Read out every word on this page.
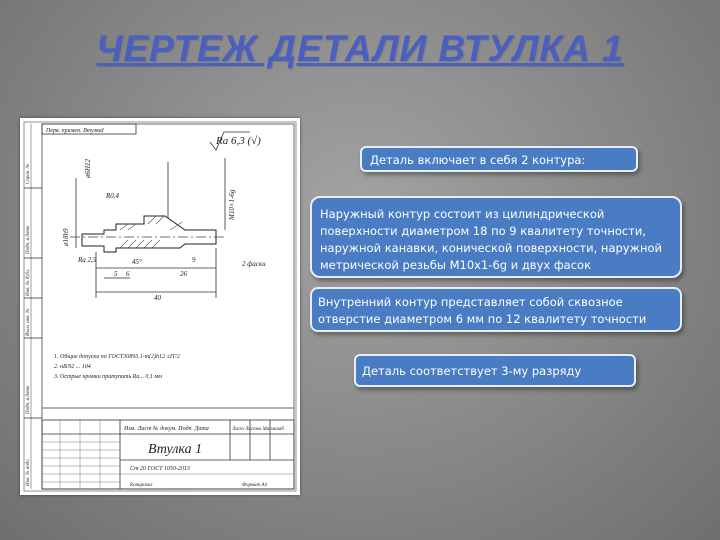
ЧЕРТЕЖ ДЕТАЛИ ВТУЛКА 1
Перв. примен. ВтулкаI
Ra 6,3 (√)
ø18h9
ø6H12
R0,4
Ra 2,5	45°	9
5 6	26
40
М10×1-6g
2 фаски
1. Общие допуски по ГОСТ30893.1-m(2)h12 ±IT/2
2. нВ/92 ... 104
3. Острые кромки притупить Ra... 0,1 мм
Изм. Лист № докум. Подп. Дата	Лист Листов Масштаб
Втулка 1
Ст 20 ГОСТ 1050-2013
Копировал	Формат А4
Справ. №
Подп. и дата
Инв. № дубл.
Взам. инв. №
Подп. и дата
Инв. № подл.
Деталь включает в себя 2 контура:
Наружный контур состоит из цилиндрической поверхности диаметром 18 по 9 квалитету точности, наружной канавки, конической поверхности, наружной метрической резьбы М10х1-6g и двух фасок
Внутренний контур представляет собой сквозное отверстие диаметром 6 мм по 12 квалитету точности
Деталь соответствует 3-му разряду
